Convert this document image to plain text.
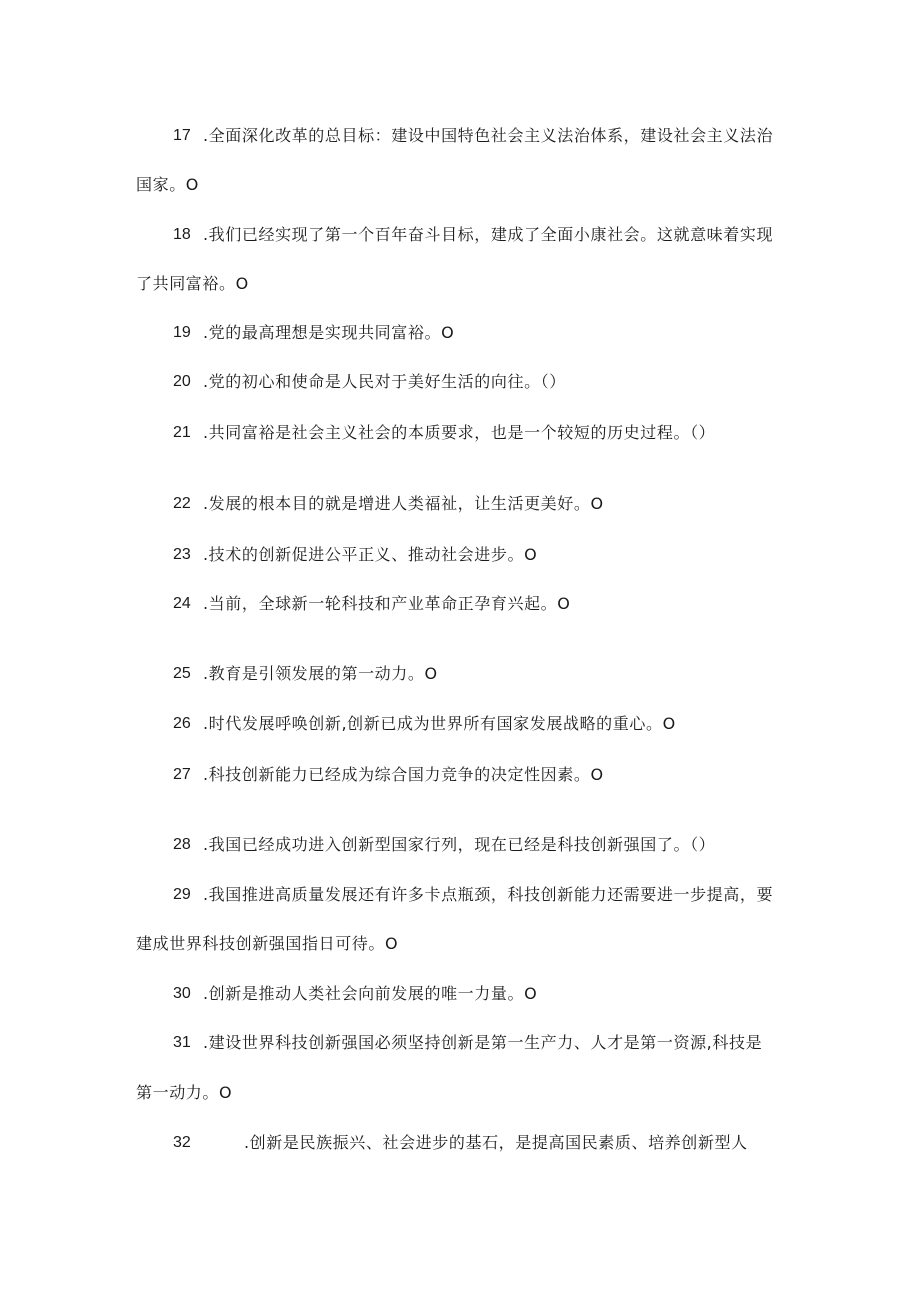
17 .全面深化改革的总目标：建设中国特色社会主义法治体系，建设社会主义法治
国家。O
18 .我们已经实现了第一个百年奋斗目标，建成了全面小康社会。这就意味着实现
了共同富裕。O
19 .党的最高理想是实现共同富裕。O
20 .党的初心和使命是人民对于美好生活的向往。（）
21 .共同富裕是社会主义社会的本质要求，也是一个较短的历史过程。（）
22 .发展的根本目的就是增进人类福祉，让生活更美好。O
23 .技术的创新促进公平正义、推动社会进步。O
24 .当前，全球新一轮科技和产业革命正孕育兴起。O
25 .教育是引领发展的第一动力。O
26 .时代发展呼唤创新,创新已成为世界所有国家发展战略的重心。O
27 .科技创新能力已经成为综合国力竞争的决定性因素。O
28 .我国已经成功进入创新型国家行列，现在已经是科技创新强国了。（）
29 .我国推进高质量发展还有许多卡点瓶颈，科技创新能力还需要进一步提高，要
建成世界科技创新强国指日可待。O
30 .创新是推动人类社会向前发展的唯一力量。O
31 .建设世界科技创新强国必须坚持创新是第一生产力、人才是第一资源,科技是
第一动力。O
32	.创新是民族振兴、社会进步的基石，是提高国民素质、培养创新型人
